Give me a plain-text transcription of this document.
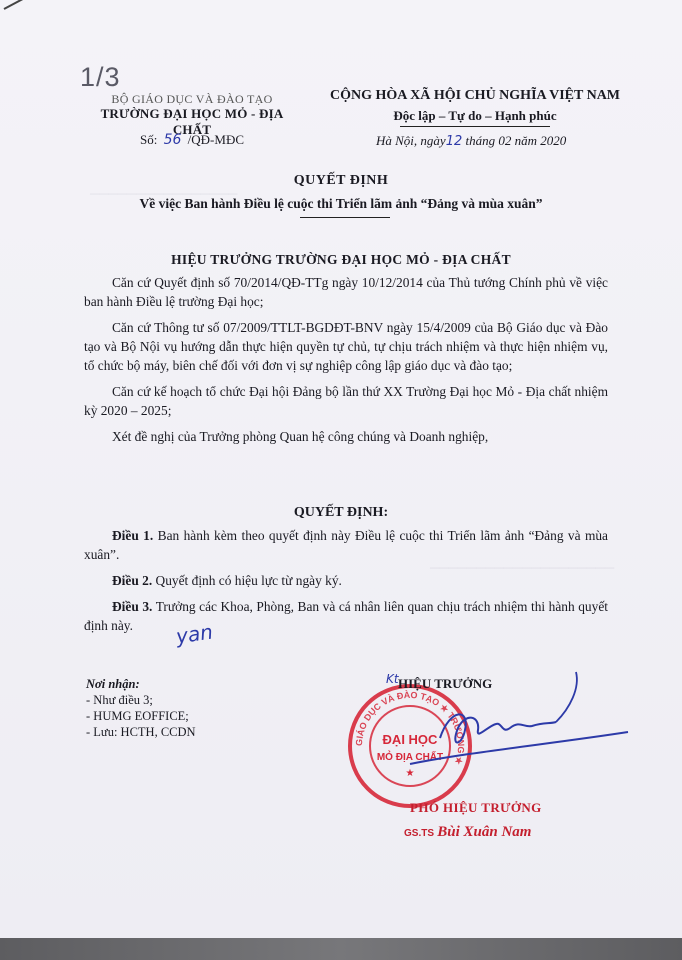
────────────────
────────────────────
1/3
BỘ GIÁO DỤC VÀ ĐÀO TẠO
TRƯỜNG ĐẠI HỌC MỎ - ĐỊA CHẤT
Số: 56 /QĐ-MĐC
CỘNG HÒA XÃ HỘI CHỦ NGHĨA VIỆT NAM
Độc lập – Tự do – Hạnh phúc
Hà Nội, ngày12 tháng 02 năm 2020
QUYẾT ĐỊNH
Về việc Ban hành Điều lệ cuộc thi Triển lãm ảnh “Đảng và mùa xuân”
HIỆU TRƯỞNG TRƯỜNG ĐẠI HỌC MỎ - ĐỊA CHẤT

Căn cứ Quyết định số 70/2014/QĐ-TTg ngày 10/12/2014 của Thủ tướng Chính phủ về việc ban hành Điều lệ trường Đại học;

Căn cứ Thông tư số 07/2009/TTLT-BGDĐT-BNV ngày 15/4/2009 của Bộ Giáo dục và Đào tạo và Bộ Nội vụ hướng dẫn thực hiện quyền tự chủ, tự chịu trách nhiệm và thực hiện nhiệm vụ, tổ chức bộ máy, biên chế đối với đơn vị sự nghiệp công lập giáo dục và đào tạo;

Căn cứ kế hoạch tổ chức Đại hội Đảng bộ lần thứ XX Trường Đại học Mỏ - Địa chất nhiệm kỳ 2020 – 2025;

Xét đề nghị của Trưởng phòng Quan hệ công chúng và Doanh nghiệp,

QUYẾT ĐỊNH:

Điều 1. Ban hành kèm theo quyết định này Điều lệ cuộc thi Triển lãm ảnh “Đảng và mùa xuân”.

Điều 2. Quyết định có hiệu lực từ ngày ký.

Điều 3. Trưởng các Khoa, Phòng, Ban và cá nhân liên quan chịu trách nhiệm thi hành quyết định này.	yan
Nơi nhận:
- Như điều 3;
- HUMG EOFFICE;
- Lưu: HCTH, CCDN
GIÁO DỤC VÀ ĐÀO TẠO ★ TRƯỜNG ★
ĐẠI HỌC
MỎ ĐỊA CHẤT
★
Kt.
HIỆU TRƯỞNG
PHÓ HIỆU TRƯỞNG
GS.TS Bùi Xuân Nam
